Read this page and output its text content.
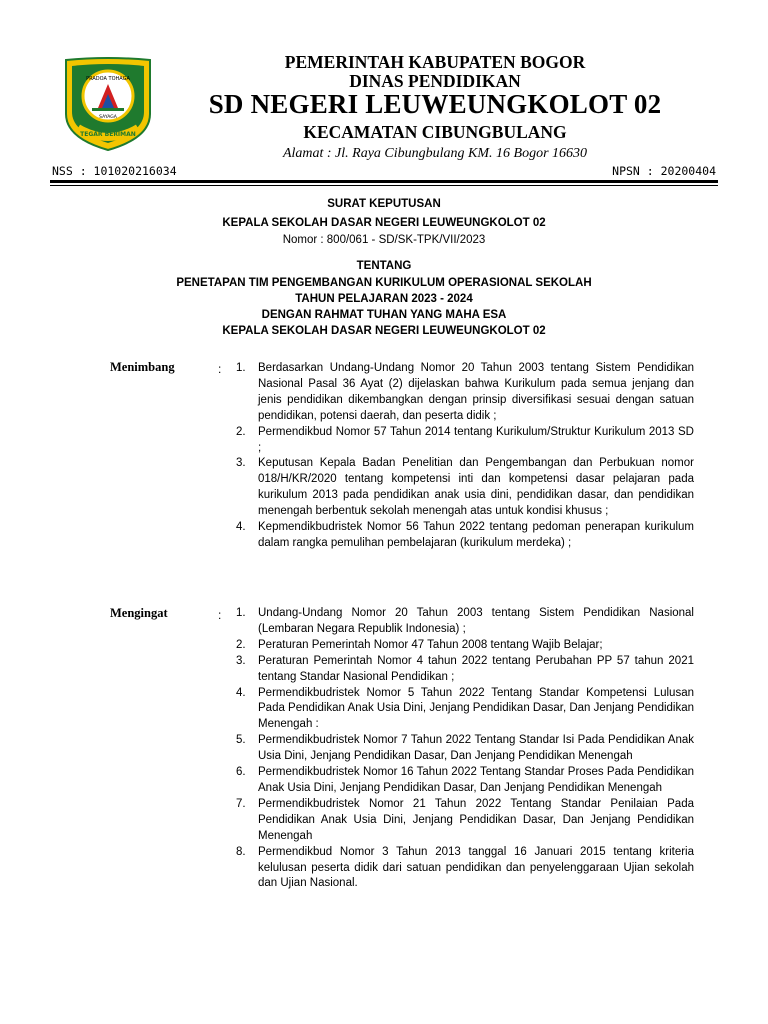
PRADOA TOHAGA
SAYAGA
TEGAR BERIMAN
PEMERINTAH KABUPATEN BOGOR
DINAS PENDIDIKAN
SD NEGERI LEUWEUNGKOLOT 02
KECAMATAN CIBUNGBULANG
Alamat : Jl. Raya Cibungbulang KM. 16 Bogor 16630
NSS : 101020216034	NPSN : 20200404
SURAT KEPUTUSAN
KEPALA SEKOLAH DASAR NEGERI LEUWEUNGKOLOT 02
Nomor : 800/061 - SD/SK-TPK/VII/2023
TENTANG
PENETAPAN TIM PENGEMBANGAN KURIKULUM OPERASIONAL SEKOLAH
TAHUN PELAJARAN 2023 - 2024
DENGAN RAHMAT TUHAN YANG MAHA ESA
KEPALA SEKOLAH DASAR NEGERI LEUWEUNGKOLOT 02
Menimbang	: 1.	Berdasarkan Undang-Undang Nomor 20 Tahun 2003 tentang Sistem Pendidikan Nasional Pasal 36 Ayat (2) dijelaskan bahwa Kurikulum pada semua jenjang dan jenis pendidikan dikembangkan dengan prinsip diversifikasi sesuai dengan satuan pendidikan, potensi daerah, dan peserta didik ;
2.	Permendikbud Nomor 57 Tahun 2014 tentang Kurikulum/Struktur Kurikulum 2013 SD ;
3.	Keputusan Kepala Badan Penelitian dan Pengembangan dan Perbukuan nomor 018/H/KR/2020 tentang kompetensi inti dan kompetensi dasar pelajaran pada kurikulum 2013 pada pendidikan anak usia dini, pendidikan dasar, dan pendidikan menengah berbentuk sekolah menengah atas untuk kondisi khusus ;
4.	Kepmendikbudristek Nomor 56 Tahun 2022 tentang pedoman penerapan kurikulum dalam rangka pemulihan pembelajaran (kurikulum merdeka) ;
Mengingat	: 1.	Undang-Undang Nomor 20 Tahun 2003 tentang Sistem Pendidikan Nasional (Lembaran Negara Republik Indonesia) ;
2.	Peraturan Pemerintah Nomor 47 Tahun 2008 tentang Wajib Belajar;
3.	Peraturan Pemerintah Nomor 4 tahun 2022 tentang Perubahan PP 57 tahun 2021 tentang Standar Nasional Pendidikan ;
4.	Permendikbudristek Nomor 5 Tahun 2022 Tentang Standar Kompetensi Lulusan Pada Pendidikan Anak Usia Dini, Jenjang Pendidikan Dasar, Dan Jenjang Pendidikan Menengah :
5.	Permendikbudristek Nomor 7 Tahun 2022 Tentang Standar Isi Pada Pendidikan Anak Usia Dini, Jenjang Pendidikan Dasar, Dan Jenjang Pendidikan Menengah
6.	Permendikbudristek Nomor 16 Tahun 2022 Tentang Standar Proses Pada Pendidikan Anak Usia Dini, Jenjang Pendidikan Dasar, Dan Jenjang Pendidikan Menengah
7.	Permendikbudristek Nomor 21 Tahun 2022 Tentang Standar Penilaian Pada Pendidikan Anak Usia Dini, Jenjang Pendidikan Dasar, Dan Jenjang Pendidikan Menengah
8.	Permendikbud Nomor 3 Tahun 2013 tanggal 16 Januari 2015 tentang kriteria kelulusan peserta didik dari satuan pendidikan dan penyelenggaraan Ujian sekolah dan Ujian Nasional.
